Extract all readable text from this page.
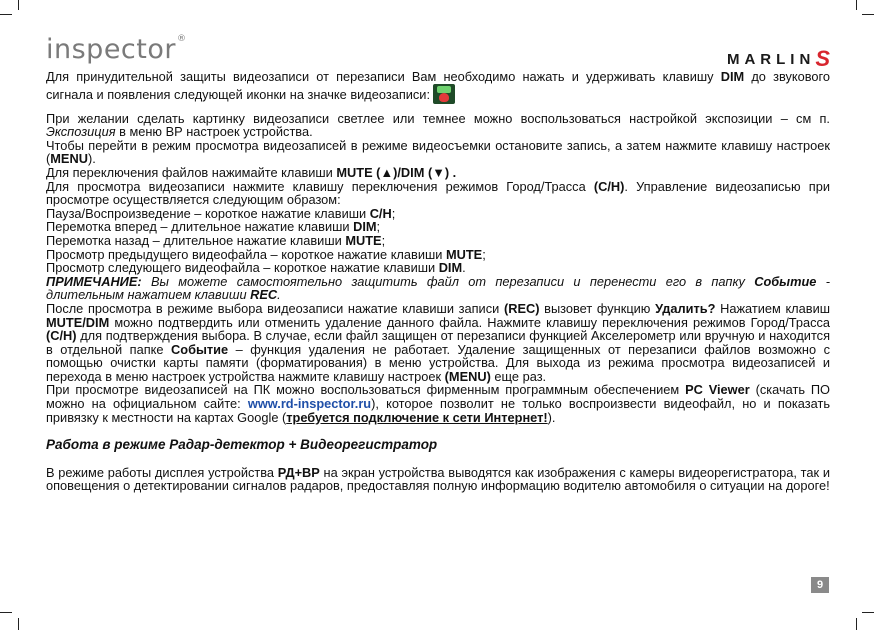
inspector®
MARLINS

Для принудительной защиты видеозаписи от перезаписи Вам необходимо нажать и удерживать клавишу DIM до звукового сигнала и появления следующей иконки на значке видеозаписи:

При желании сделать картинку видеозаписи светлее или темнее можно воспользоваться настройкой экспозиции – см п. Экспозиция в меню ВР настроек устройства.

Чтобы перейти в режим просмотра видеозаписей в режиме видеосъемки остановите запись, а затем нажмите клавишу настроек (MENU).

Для переключения файлов нажимайте клавиши MUTE (▲)/DIM (▼) .

Для просмотра видеозаписи нажмите клавишу переключения режимов Город/Трасса (C/H). Управление видеозаписью при просмотре осуществляется следующим образом:

Пауза/Воспроизведение – короткое нажатие клавиши C/H;

Перемотка вперед – длительное нажатие клавиши DIM;

Перемотка назад – длительное нажатие клавиши MUTE;

Просмотр предыдущего видеофайла – короткое нажатие клавиши MUTE;

Просмотр следующего видеофайла – короткое нажатие клавиши DIM.

ПРИМЕЧАНИЕ: Вы можете самостоятельно защитить файл от перезаписи и перенести его в папку Событие - длительным нажатием клавиши REC.

После просмотра в режиме выбора видеозаписи нажатие клавиши записи (REC) вызовет функцию Удалить? Нажатием клавиш MUTE/DIM можно подтвердить или отменить удаление данного файла. Нажмите клавишу переключения режимов Город/Трасса (C/H) для подтверждения выбора. В случае, если файл защищен от перезаписи функцией Акселерометр или вручную и находится в отдельной папке Событие – функция удаления не работает. Удаление защищенных от перезаписи файлов возможно с помощью очистки карты памяти (форматирования) в меню устройства. Для выхода из режима просмотра видеозаписей и перехода в меню настроек устройства нажмите клавишу настроек (MENU) еще раз.

При просмотре видеозаписей на ПК можно воспользоваться фирменным программным обеспечением PC Viewer (скачать ПО можно на официальном сайте: www.rd-inspector.ru), которое позволит не только воспроизвести видеофайл, но и показать привязку к местности на картах Google (требуется подключение к сети Интернет!).

Работа в режиме Радар-детектор + Видеорегистратор

В режиме работы дисплея устройства РД+ВР на экран устройства выводятся как изображения с камеры видеорегистратора, так и оповещения о детектировании сигналов радаров, предоставляя полную информацию водителю автомобиля о ситуации на дороге!

9
